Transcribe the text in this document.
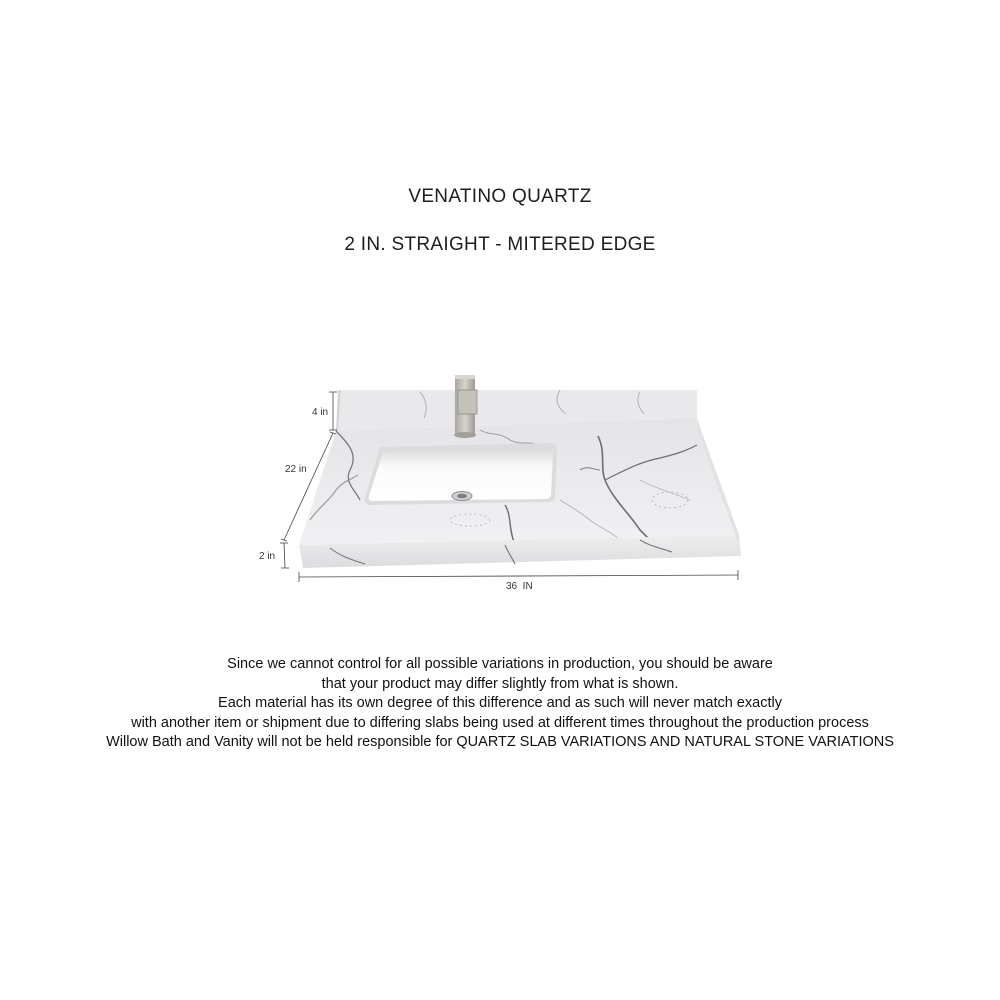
VENATINO QUARTZ
2 IN. STRAIGHT - MITERED EDGE
4 in
22 in
2 in
36  IN
Since we cannot control for all possible variations in production, you should be aware
that your product may differ slightly from what is shown.
Each material has its own degree of this difference and as such will never match exactly
with another item or shipment due to differing slabs being used at different times throughout the production process
Willow Bath and Vanity will not be held responsible for QUARTZ SLAB VARIATIONS AND NATURAL STONE VARIATIONS
